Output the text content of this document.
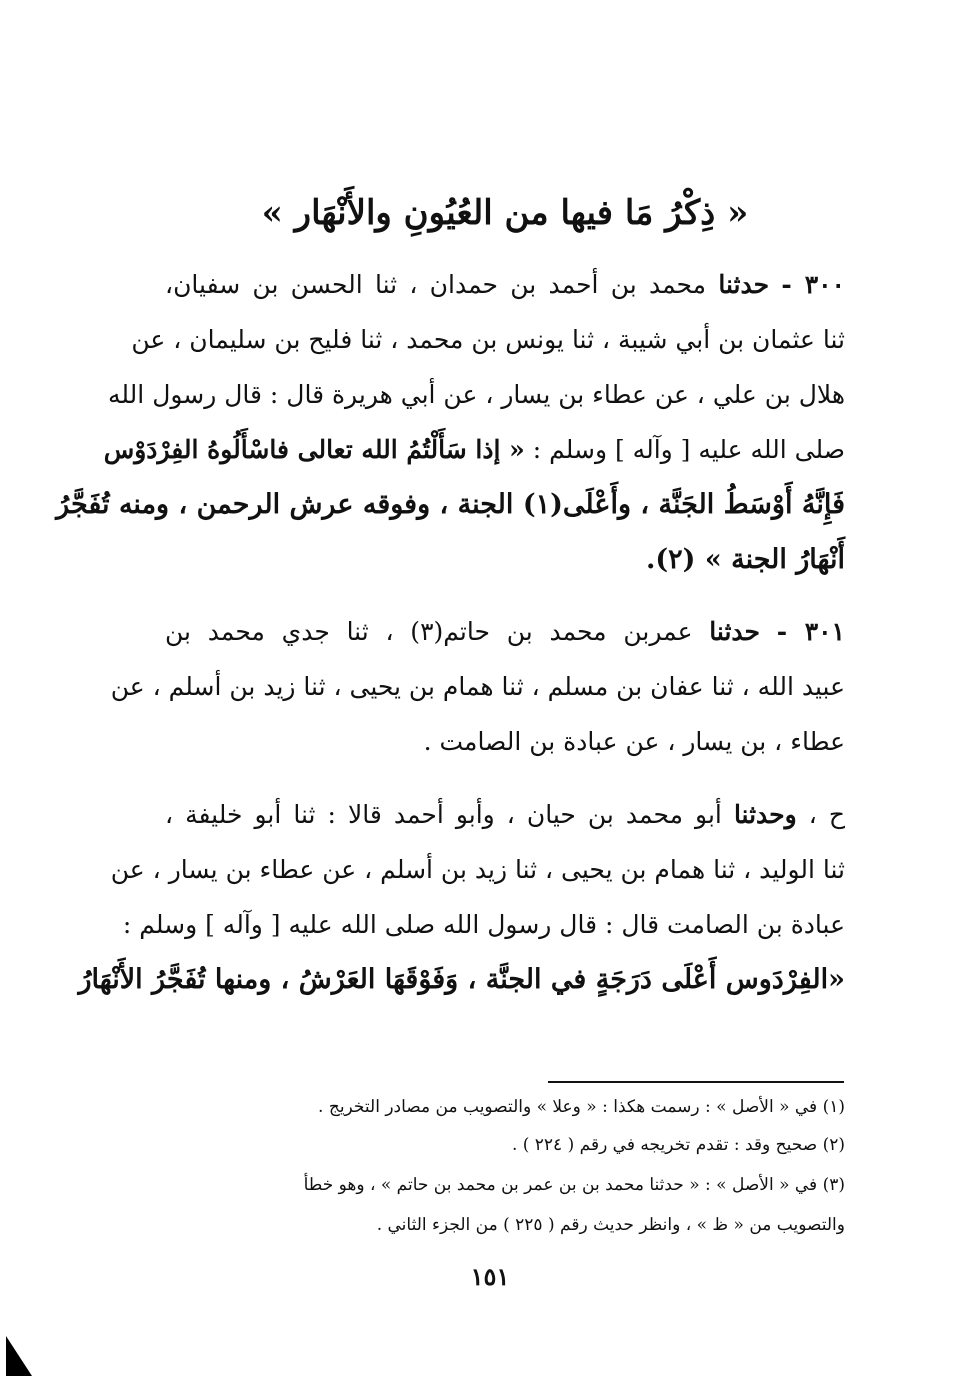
« ذِكْرُ مَا فيها من العُيُونِ والأَنْهَار »
٣٠٠ - حدثنا محمد بن أحمد بن حمدان ، ثنا الحسن بن سفيان،
ثنا عثمان بن أبي شيبة ، ثنا يونس بن محمد ، ثنا فليح بن سليمان ، عن
هلال بن علي ، عن عطاء بن يسار ، عن أبي هريرة قال : قال رسول الله
صلى الله عليه [ وآله ] وسلم : « إذا سَأَلْتُمُ الله تعالى فاسْأَلُوهُ الفِرْدَوْس
فَإِنَّهُ أَوْسَطُ الجَنَّة ، وأَعْلَى(١) الجنة ، وفوقه عرش الرحمن ، ومنه تُفَجَّرُ
أَنْهَارُ الجنة » (٢).
٣٠١ - حدثنا عمربن محمد بن حاتم(٣) ، ثنا جدي محمد بن
عبيد الله ، ثنا عفان بن مسلم ، ثنا همام بن يحيى ، ثنا زيد بن أسلم ، عن
عطاء ، بن يسار ، عن عبادة بن الصامت .
ح ، وحدثنا أبو محمد بن حيان ، وأبو أحمد قالا : ثنا أبو خليفة ،
ثنا الوليد ، ثنا همام بن يحيى ، ثنا زيد بن أسلم ، عن عطاء بن يسار ، عن
عبادة بن الصامت قال : قال رسول الله صلى الله عليه [ وآله ] وسلم :
«الفِرْدَوس أَعْلَى دَرَجَةٍ في الجنَّة ، وَفَوْقَهَا العَرْشُ ، ومنها تُفَجَّرُ الأَنْهَارُ
(١) في « الأصل » : رسمت هكذا : « وعلا » والتصويب من مصادر التخريج .
(٢) صحيح وقد : تقدم تخريجه في رقم ( ٢٢٤ ) .
(٣) في « الأصل » : « حدثنا محمد بن بن عمر بن محمد بن حاتم » ، وهو خطأ
والتصويب من « ظ » ، وانظر حديث رقم ( ٢٢٥ ) من الجزء الثاني .
١٥١
